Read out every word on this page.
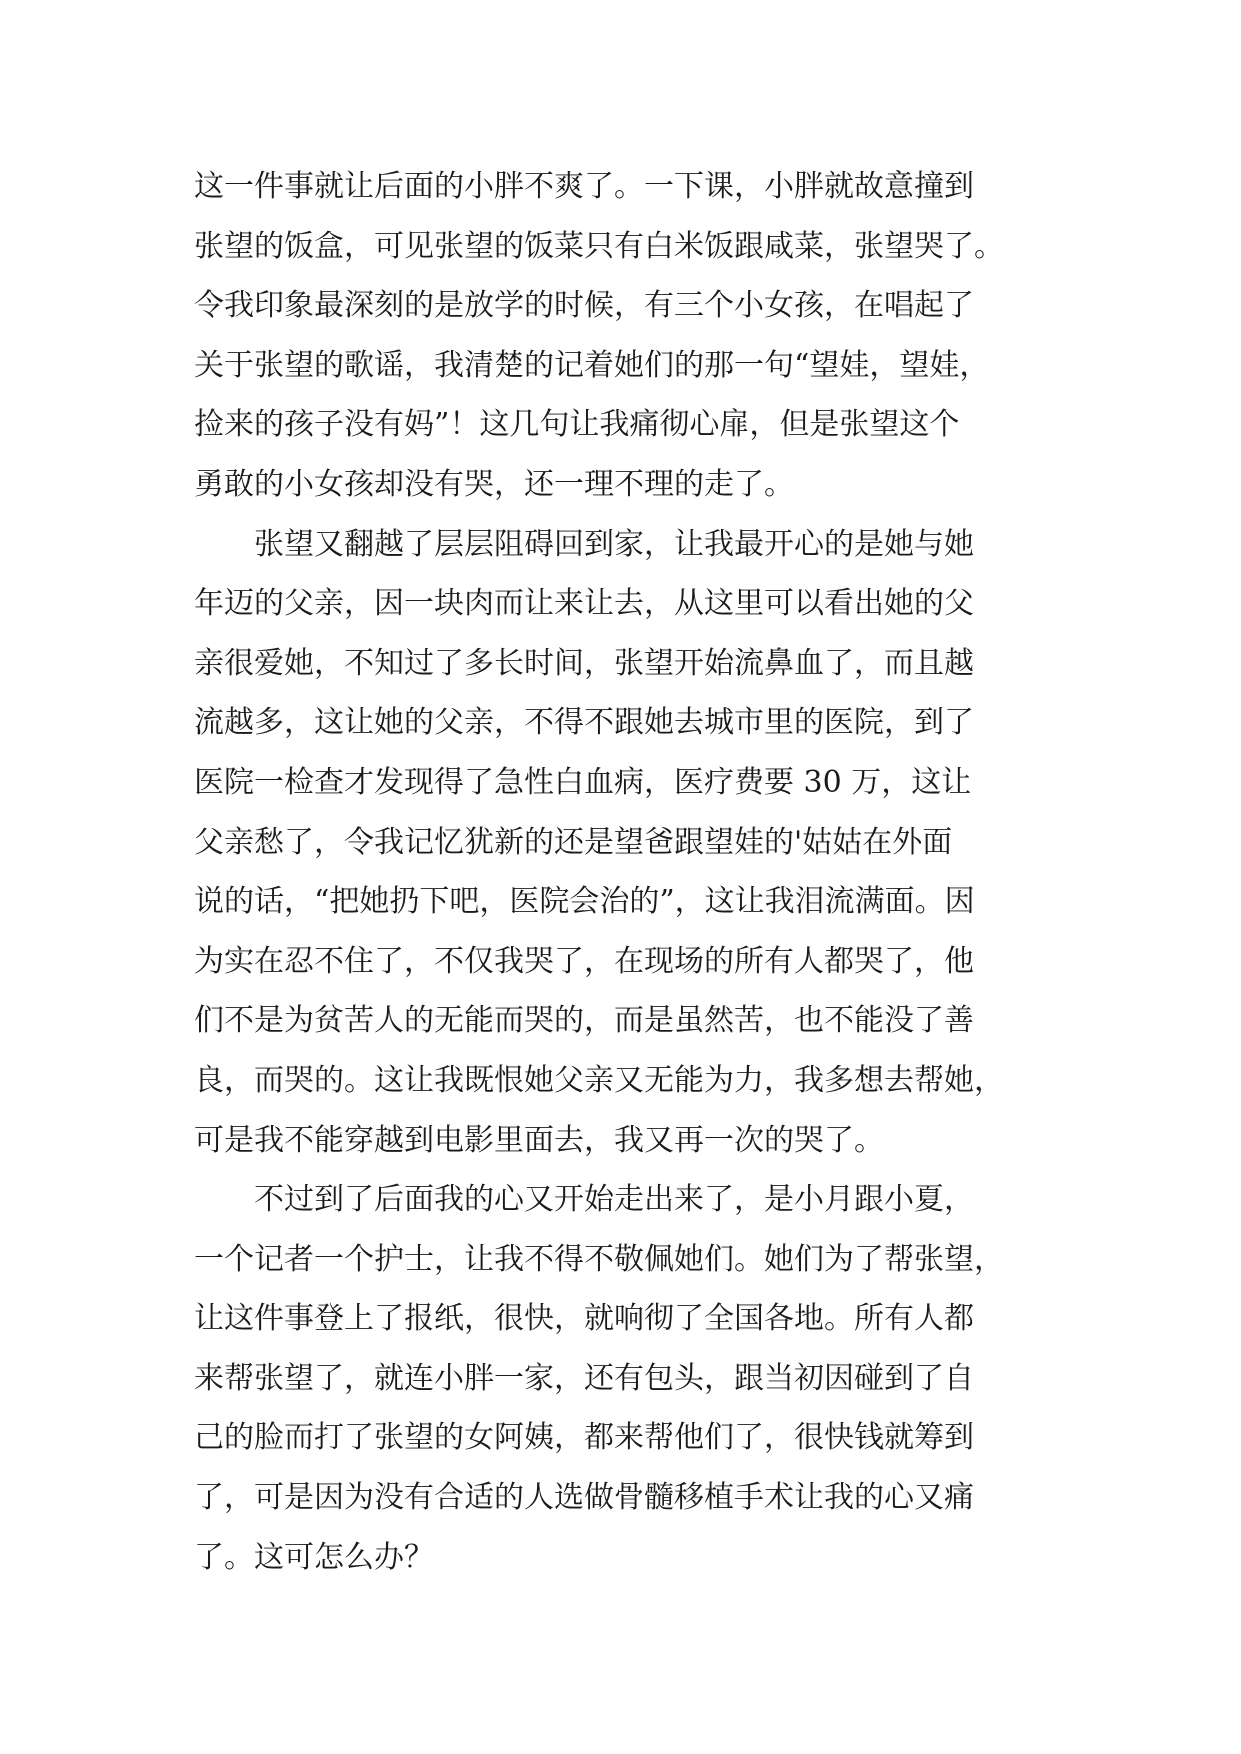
这一件事就让后面的小胖不爽了。一下课，小胖就故意撞到
张望的饭盒，可见张望的饭菜只有白米饭跟咸菜，张望哭了。
令我印象最深刻的是放学的时候，有三个小女孩，在唱起了
关于张望的歌谣，我清楚的记着她们的那一句“望娃，望娃，
捡来的孩子没有妈”！这几句让我痛彻心扉，但是张望这个
勇敢的小女孩却没有哭，还一理不理的走了。
　　张望又翻越了层层阻碍回到家，让我最开心的是她与她
年迈的父亲，因一块肉而让来让去，从这里可以看出她的父
亲很爱她，不知过了多长时间，张望开始流鼻血了，而且越
流越多，这让她的父亲，不得不跟她去城市里的医院，到了
医院一检查才发现得了急性白血病，医疗费要 30 万，这让
父亲愁了，令我记忆犹新的还是望爸跟望娃的'姑姑在外面
说的话，“把她扔下吧，医院会治的”，这让我泪流满面。因
为实在忍不住了，不仅我哭了，在现场的所有人都哭了，他
们不是为贫苦人的无能而哭的，而是虽然苦，也不能没了善
良，而哭的。这让我既恨她父亲又无能为力，我多想去帮她，
可是我不能穿越到电影里面去，我又再一次的哭了。
　　不过到了后面我的心又开始走出来了，是小月跟小夏，
一个记者一个护士，让我不得不敬佩她们。她们为了帮张望，
让这件事登上了报纸，很快，就响彻了全国各地。所有人都
来帮张望了，就连小胖一家，还有包头，跟当初因碰到了自
己的脸而打了张望的女阿姨，都来帮他们了，很快钱就筹到
了，可是因为没有合适的人选做骨髓移植手术让我的心又痛
了。这可怎么办？
